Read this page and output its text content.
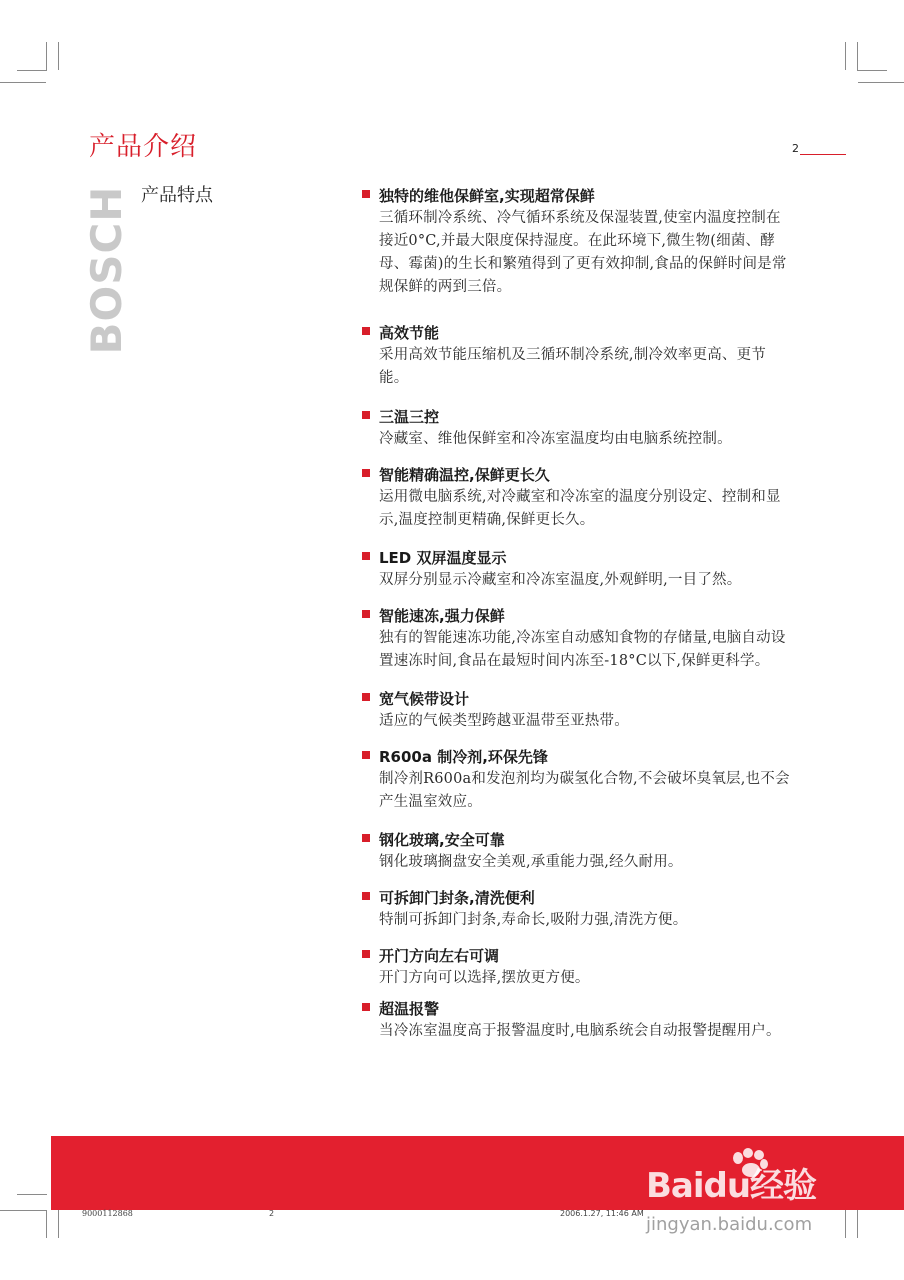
产品介绍	2
BOSCH 产品特点	独特的维他保鲜室,实现超常保鲜
三循环制冷系统、冷气循环系统及保湿装置,使室内温度控制在接近0°C,并最大限度保持湿度。在此环境下,微生物(细菌、酵母、霉菌)的生长和繁殖得到了更有效抑制,食品的保鲜时间是常规保鲜的两到三倍。
高效节能
采用高效节能压缩机及三循环制冷系统,制冷效率更高、更节能。
三温三控
冷藏室、维他保鲜室和冷冻室温度均由电脑系统控制。
智能精确温控,保鲜更长久
运用微电脑系统,对冷藏室和冷冻室的温度分别设定、控制和显示,温度控制更精确,保鲜更长久。
LED 双屏温度显示
双屏分别显示冷藏室和冷冻室温度,外观鲜明,一目了然。
智能速冻,强力保鲜
独有的智能速冻功能,冷冻室自动感知食物的存储量,电脑自动设置速冻时间,食品在最短时间内冻至-18°C以下,保鲜更科学。
宽气候带设计
适应的气候类型跨越亚温带至亚热带。
R600a 制冷剂,环保先锋
制冷剂R600a和发泡剂均为碳氢化合物,不会破坏臭氧层,也不会产生温室效应。
钢化玻璃,安全可靠
钢化玻璃搁盘安全美观,承重能力强,经久耐用。
可拆卸门封条,清洗便利
特制可拆卸门封条,寿命长,吸附力强,清洗方便。
开门方向左右可调
开门方向可以选择,摆放更方便。
超温报警
当冷冻室温度高于报警温度时,电脑系统会自动报警提醒用户。
Baidu经验
jingyan.baidu.com
9000112868	2	2006.1.27, 11:46 AM
